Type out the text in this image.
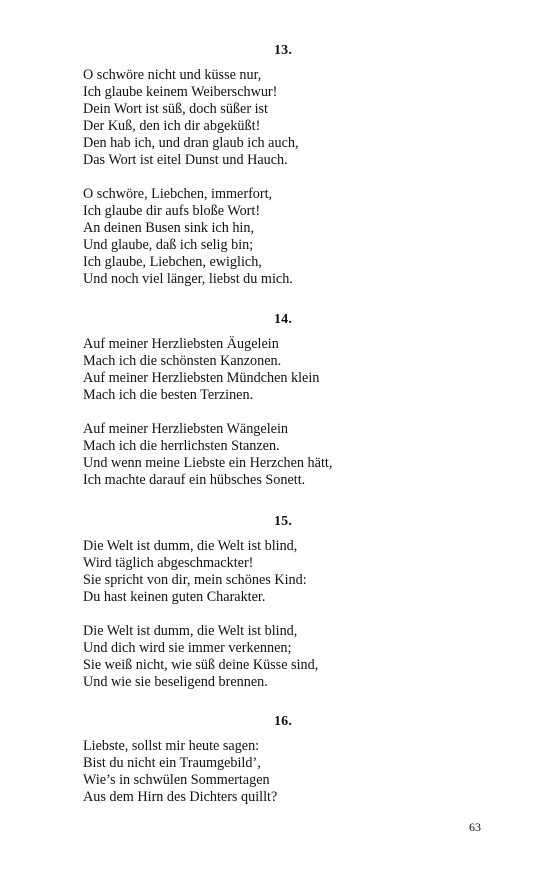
13.
O schwöre nicht und küsse nur,
Ich glaube keinem Weiberschwur!
Dein Wort ist süß, doch süßer ist
Der Kuß, den ich dir abgeküßt!
Den hab ich, und dran glaub ich auch,
Das Wort ist eitel Dunst und Hauch.
O schwöre, Liebchen, immerfort,
Ich glaube dir aufs bloße Wort!
An deinen Busen sink ich hin,
Und glaube, daß ich selig bin;
Ich glaube, Liebchen, ewiglich,
Und noch viel länger, liebst du mich.
14.
Auf meiner Herzliebsten Äugelein
Mach ich die schönsten Kanzonen.
Auf meiner Herzliebsten Mündchen klein
Mach ich die besten Terzinen.
Auf meiner Herzliebsten Wängelein
Mach ich die herrlichsten Stanzen.
Und wenn meine Liebste ein Herzchen hätt,
Ich machte darauf ein hübsches Sonett.
15.
Die Welt ist dumm, die Welt ist blind,
Wird täglich abgeschmackter!
Sie spricht von dir, mein schönes Kind:
Du hast keinen guten Charakter.
Die Welt ist dumm, die Welt ist blind,
Und dich wird sie immer verkennen;
Sie weiß nicht, wie süß deine Küsse sind,
Und wie sie beseligend brennen.
16.
Liebste, sollst mir heute sagen:
Bist du nicht ein Traumgebild’,
Wie’s in schwülen Sommertagen
Aus dem Hirn des Dichters quillt?
63
